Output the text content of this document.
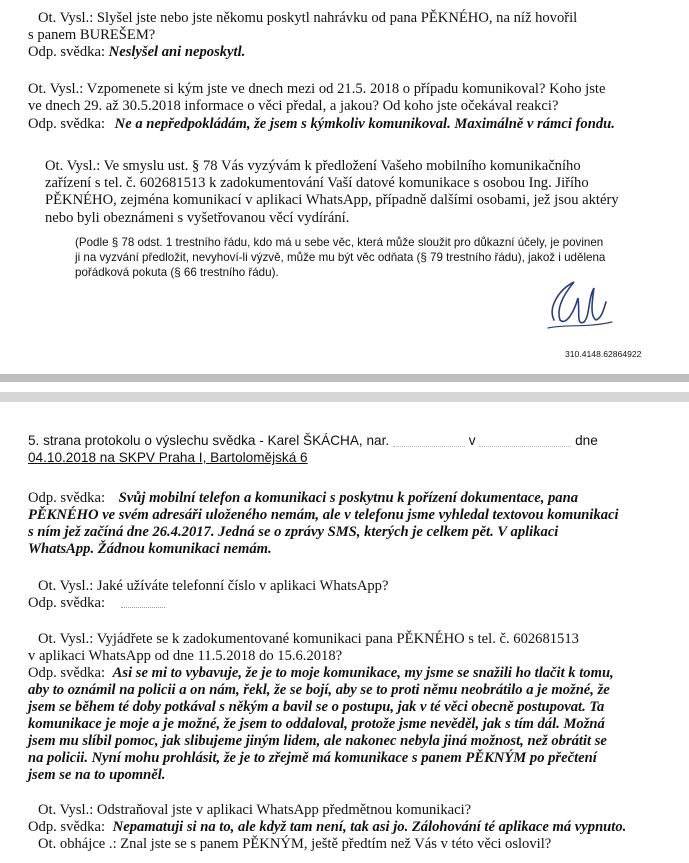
Ot. Vysl.: Slyšel jste nebo jste někomu poskytl nahrávku od pana PĚKNÉHO, na níž hovořil
s panem BUREŠEM?
Odp. svědka: Neslyšel ani neposkytl.
Ot. Vysl.: Vzpomenete si kým jste ve dnech mezi od 21.5. 2018 o případu komunikoval? Koho jste
ve dnech 29. až 30.5.2018 informace o věci předal, a jakou? Od koho jste očekával reakci?
Odp. svědka: Ne a nepředpokládám, že jsem s kýmkoliv komunikoval. Maximálně v rámci fondu.
Ot. Vysl.: Ve smyslu ust. § 78 Vás vyzývám k předložení Vašeho mobilního komunikačního
zařízení s tel. č. 602681513 k zadokumentování Vaší datové komunikace s osobou Ing. Jiřího
PĚKNÉHO, zejména komunikací v aplikaci WhatsApp, případně dalšími osobami, jež jsou aktéry
nebo byli obeznámeni s vyšetřovanou věcí vydírání.
(Podle § 78 odst. 1 trestního řádu, kdo má u sebe věc, která může sloužit pro důkazní účely, je povinen
ji na vyzvání předložit, nevyhoví-li výzvě, může mu být věc odňata (§ 79 trestního řádu), jakož i udělena
pořádková pokuta (§ 66 trestního řádu).
310.4148.62864922
5. strana protokolu o výslechu svědka - Karel ŠKÁCHA, nar.	v	dne
04.10.2018 na SKPV Praha I, Bartolomějská 6
Odp. svědka: Svůj mobilní telefon a komunikaci s poskytnu k pořízení dokumentace, pana
PĚKNÉHO ve svém adresáři uloženého nemám, ale v telefonu jsme vyhledal textovou komunikaci
s ním jež začíná dne 26.4.2017. Jedná se o zprávy SMS, kterých je celkem pět. V aplikaci
WhatsApp. Žádnou komunikaci nemám.
Ot. Vysl.: Jaké užíváte telefonní číslo v aplikaci WhatsApp?
Odp. svědka:
Ot. Vysl.: Vyjádřete se k zadokumentované komunikaci pana PĚKNÉHO s tel. č. 602681513
v aplikaci WhatsApp od dne 11.5.2018 do 15.6.2018?
Odp. svědka: Asi se mi to vybavuje, že je to moje komunikace, my jsme se snažili ho tlačit k tomu,
aby to oznámil na policii a on nám, řekl, že se bojí, aby se to proti němu neobrátilo a je možné, že
jsem se během té doby potkával s někým a bavil se o postupu, jak v té věci obecně postupovat. Ta
komunikace je moje a je možné, že jsem to oddaloval, protože jsme nevěděl, jak s tím dál. Možná
jsem mu slíbil pomoc, jak slibujeme jiným lidem, ale nakonec nebyla jiná možnost, než obrátit se
na policii. Nyní mohu prohlásit, že je to zřejmě má komunikace s panem PĚKNÝM po přečtení
jsem se na to upomněl.
Ot. Vysl.: Odstraňoval jste v aplikaci WhatsApp předmětnou komunikaci?
Odp. svědka: Nepamatuji si na to, ale když tam není, tak asi jo. Zálohování té aplikace má vypnuto.
Ot. obhájce .: Znal jste se s panem PĚKNÝM, ještě předtím než Vás v této věci oslovil?
